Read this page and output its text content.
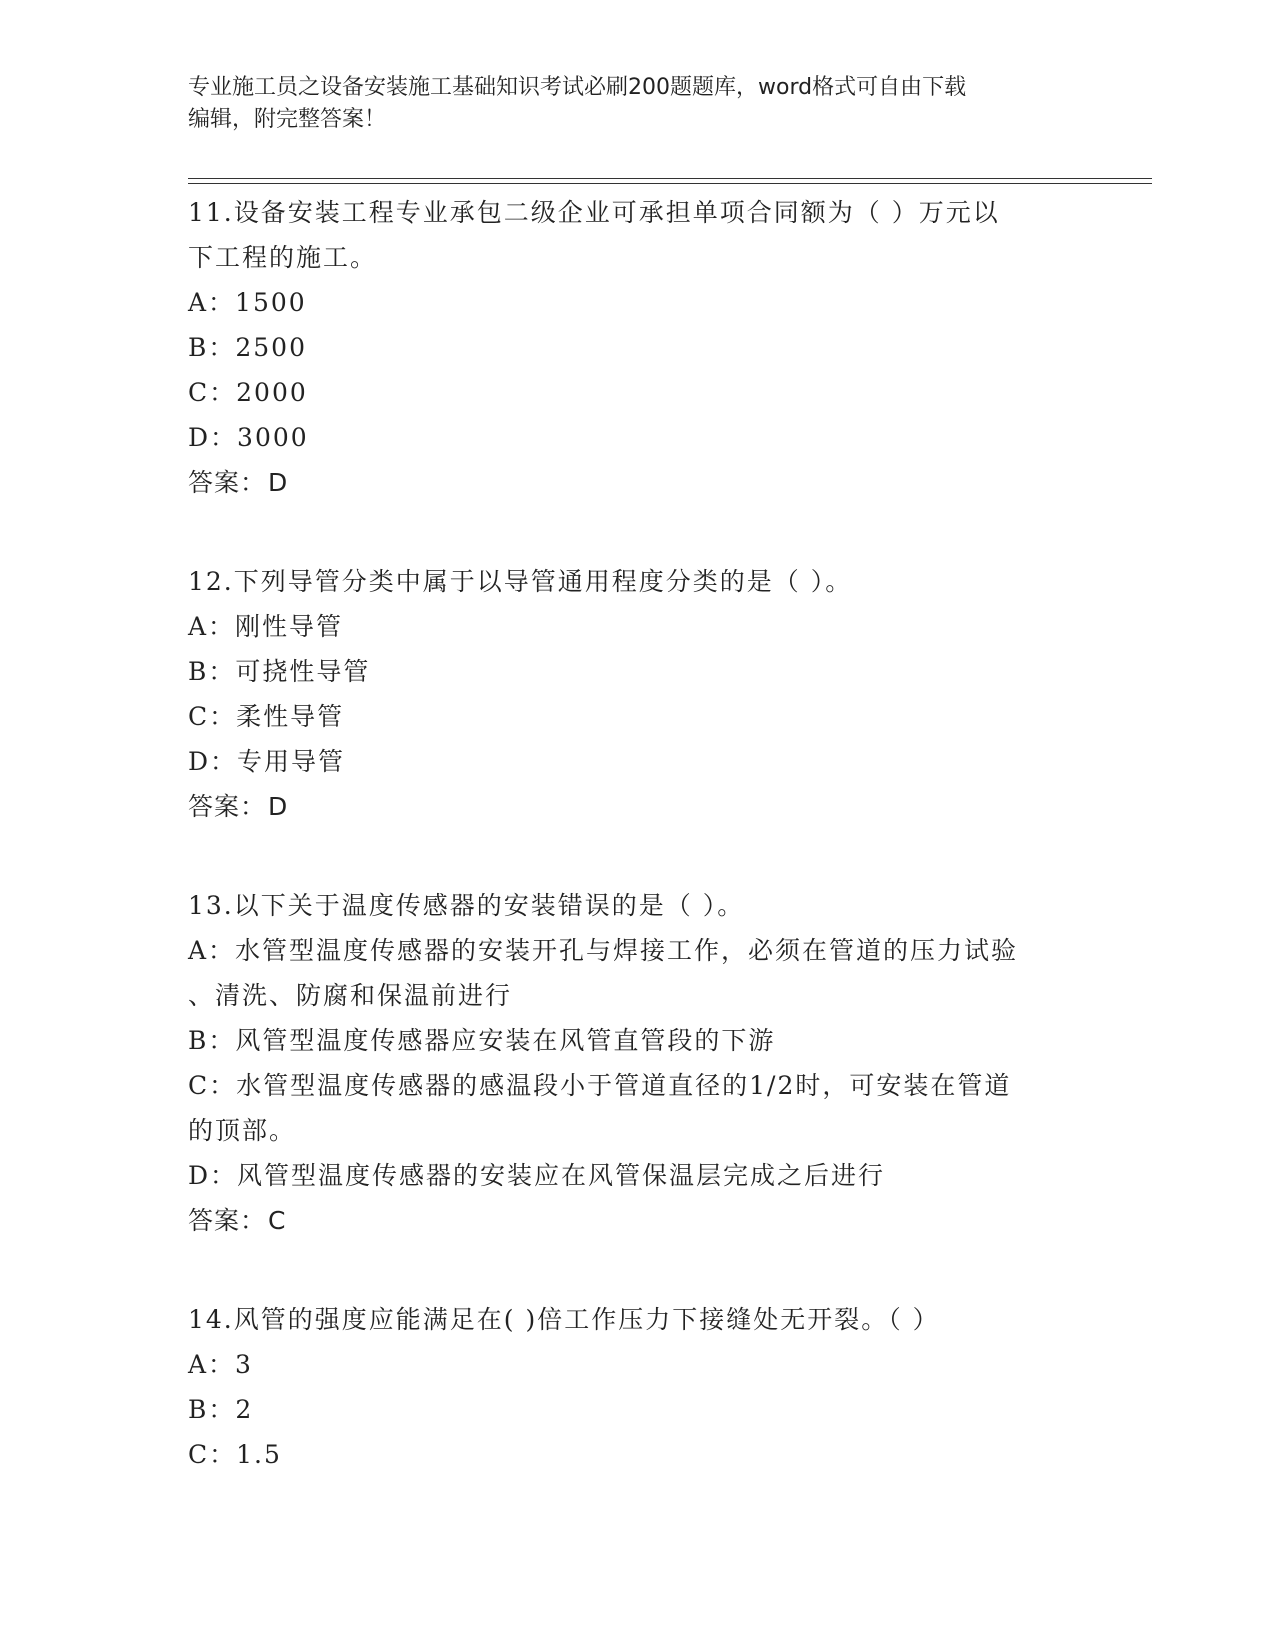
专业施工员之设备安装施工基础知识考试必刷200题题库，word格式可自由下载
编辑，附完整答案！
11.设备安装工程专业承包二级企业可承担单项合同额为（ ）万元以
下工程的施工。
A：1500
B：2500
C：2000
D：3000
答案：D
12.下列导管分类中属于以导管通用程度分类的是（ ）。
A：刚性导管
B：可挠性导管
C：柔性导管
D：专用导管
答案：D
13.以下关于温度传感器的安装错误的是（ ）。
A：水管型温度传感器的安装开孔与焊接工作，必须在管道的压力试验
、清洗、防腐和保温前进行
B：风管型温度传感器应安装在风管直管段的下游
C：水管型温度传感器的感温段小于管道直径的1/2时，可安装在管道
的顶部。
D：风管型温度传感器的安装应在风管保温层完成之后进行
答案：C
14.风管的强度应能满足在( )倍工作压力下接缝处无开裂。（ ）
A：3
B：2
C：1.5
